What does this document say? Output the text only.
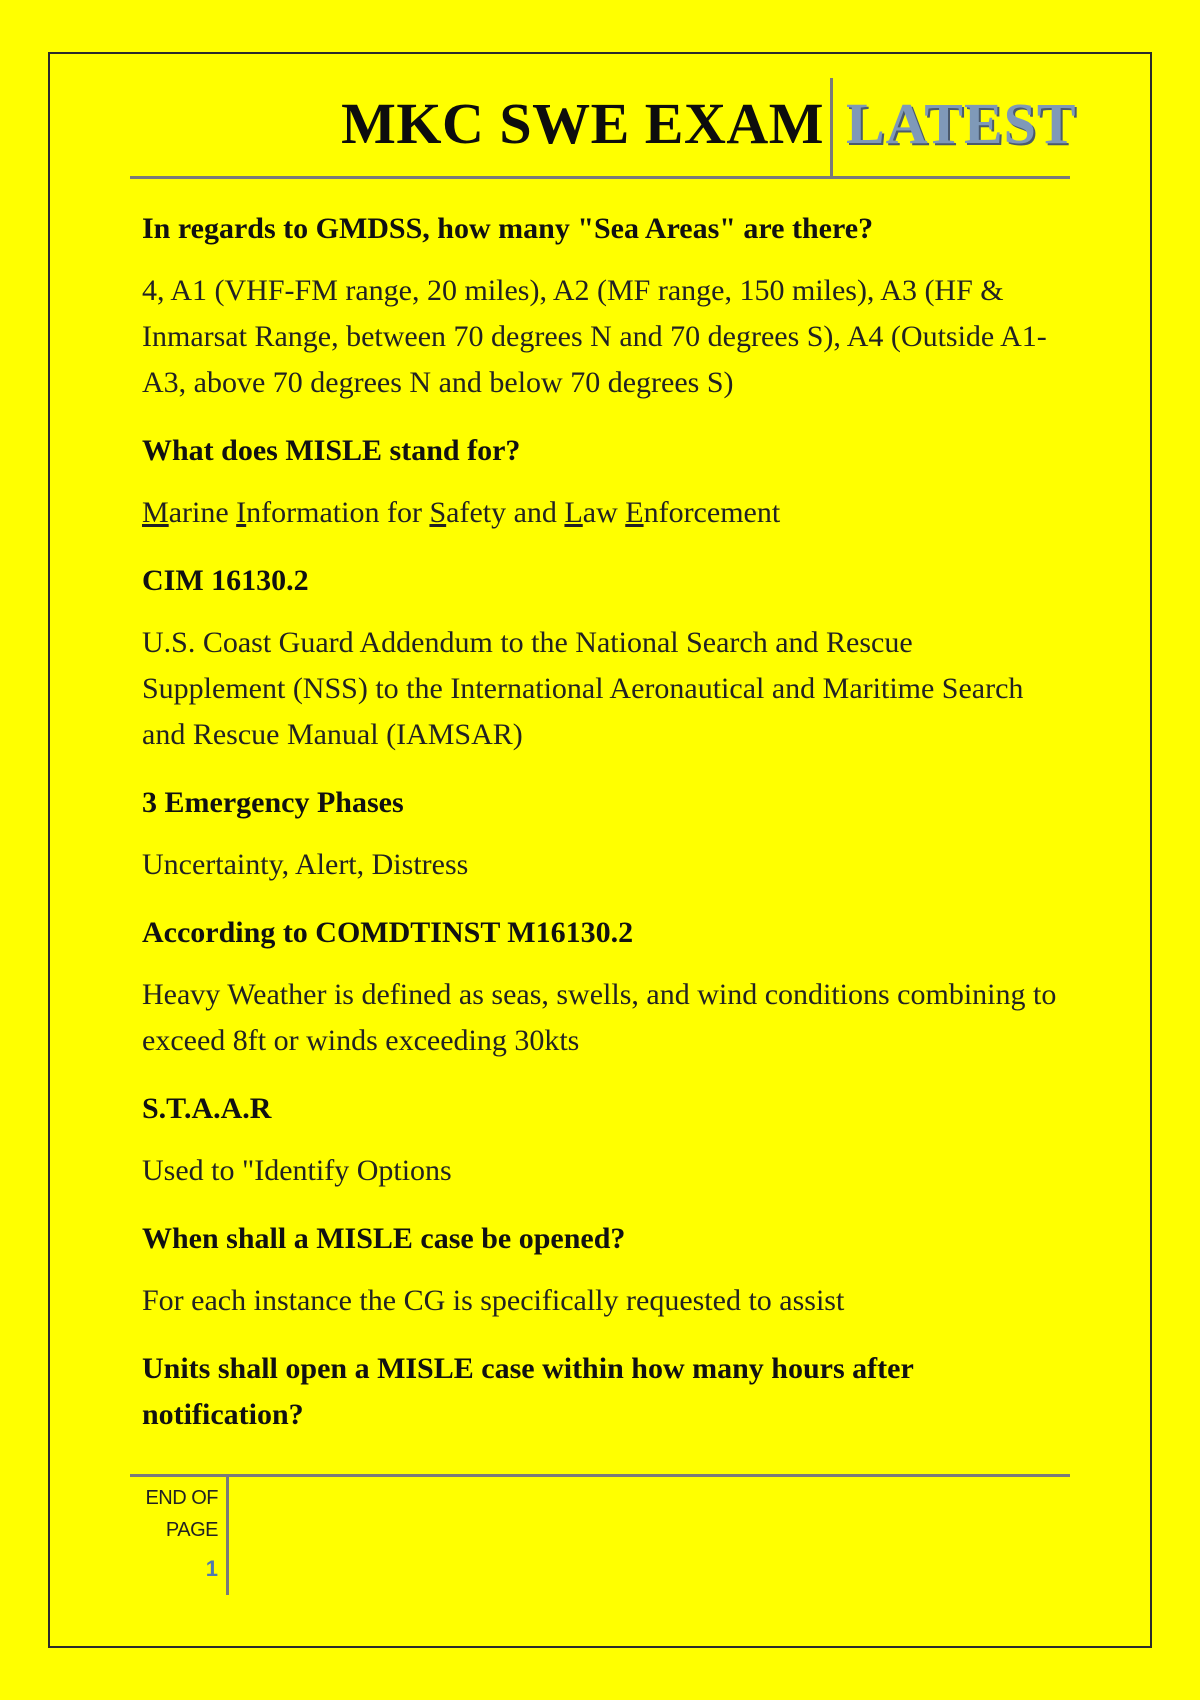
MKC SWE EXAM LATEST

In regards to GMDSS, how many "Sea Areas" are there?

4, A1 (VHF-FM range, 20 miles), A2 (MF range, 150 miles), A3 (HF & Inmarsat Range, between 70 degrees N and 70 degrees S), A4 (Outside A1-A3, above 70 degrees N and below 70 degrees S)

What does MISLE stand for?

Marine Information for Safety and Law Enforcement

CIM 16130.2

U.S. Coast Guard Addendum to the National Search and Rescue Supplement (NSS) to the International Aeronautical and Maritime Search and Rescue Manual (IAMSAR)

3 Emergency Phases

Uncertainty, Alert, Distress

According to COMDTINST M16130.2

Heavy Weather is defined as seas, swells, and wind conditions combining to exceed 8ft or winds exceeding 30kts

S.T.A.A.R

Used to "Identify Options

When shall a MISLE case be opened?

For each instance the CG is specifically requested to assist

Units shall open a MISLE case within how many hours after notification?

END OF
PAGE
1
